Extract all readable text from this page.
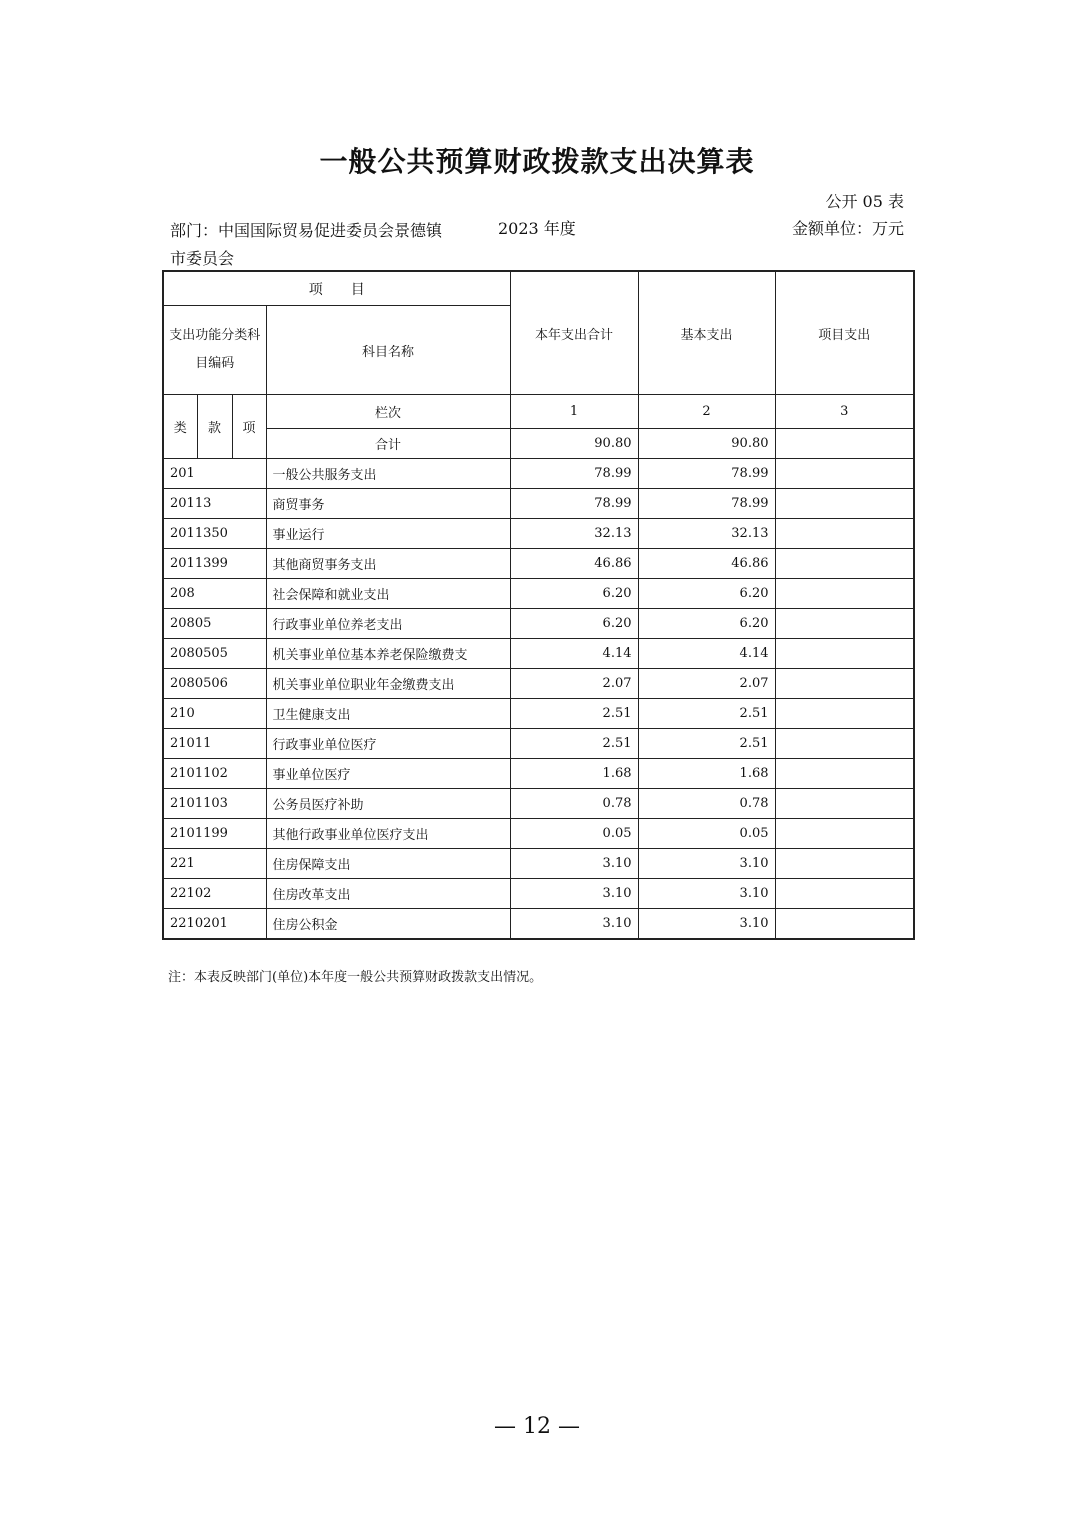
一般公共预算财政拨款支出决算表
公开 05 表
部门：中国国际贸易促进委员会景德镇市委员会
2023 年度	金额单位：万元
项　　目				本年支出合计	基本支出	项目支出
支出功能分类科目编码			科目名称			
类	款	项	栏次	1	2	3
			合计	90.80	90.80	
201			一般公共服务支出	78.99	78.99	
20113			商贸事务	78.99	78.99	
2011350			事业运行	32.13	32.13	
2011399			其他商贸事务支出	46.86	46.86	
208			社会保障和就业支出	6.20	6.20	
20805			行政事业单位养老支出	6.20	6.20	
2080505			机关事业单位基本养老保险缴费支	4.14	4.14	
2080506			机关事业单位职业年金缴费支出	2.07	2.07	
210			卫生健康支出	2.51	2.51	
21011			行政事业单位医疗	2.51	2.51	
2101102			事业单位医疗	1.68	1.68	
2101103			公务员医疗补助	0.78	0.78	
2101199			其他行政事业单位医疗支出	0.05	0.05	
221			住房保障支出	3.10	3.10	
22102			住房改革支出	3.10	3.10	
2210201			住房公积金	3.10	3.10	
注：本表反映部门(单位)本年度一般公共预算财政拨款支出情况。
— 12 —
